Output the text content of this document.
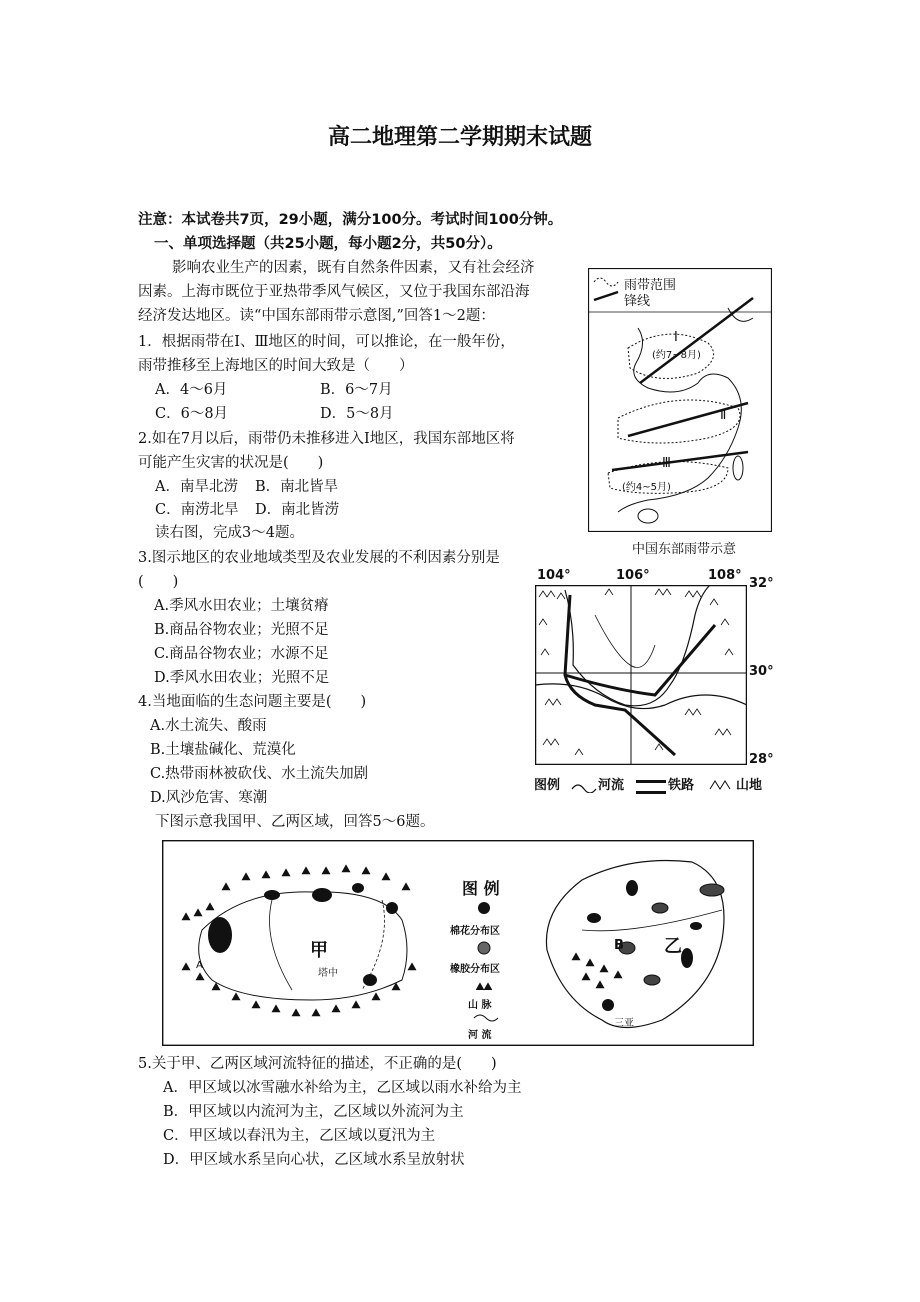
高二地理第二学期期末试题
注意：本试卷共7页，29小题，满分100分。考试时间100分钟。
一、单项选择题（共25小题，每小题2分，共50分）。
影响农业生产的因素，既有自然条件因素，又有社会经济
因素。上海市既位于亚热带季风气候区，又位于我国东部沿海
经济发达地区。读“中国东部雨带示意图,”回答1～2题：
1．根据雨带在Ⅰ、Ⅲ地区的时间，可以推论，在一般年份，
雨带推移至上海地区的时间大致是（　　）
A．4～6月	B．6～7月
C．6～8月	D．5～8月
2.如在7月以后，雨带仍未推移进入Ⅰ地区，我国东部地区将
可能产生灾害的状况是(　　)
A．南旱北涝 B．南北皆旱
C．南涝北旱 D．南北皆涝
读右图，完成3～4题。
3.图示地区的农业地域类型及农业发展的不利因素分别是
(　　)
A.季风水田农业；土壤贫瘠
B.商品谷物农业；光照不足
C.商品谷物农业；水源不足
D.季风水田农业；光照不足
4.当地面临的生态问题主要是(　　)
A.水土流失、酸雨
B.土壤盐碱化、荒漠化
C.热带雨林被砍伐、水土流失加剧
D.风沙危害、寒潮
下图示意我国甲、乙两区域，回答5～6题。
5.关于甲、乙两区域河流特征的描述，不正确的是(　　)
A．甲区域以冰雪融水补给为主，乙区域以雨水补给为主
B．甲区域以内流河为主，乙区域以外流河为主
C．甲区域以春汛为主，乙区域以夏汛为主
D．甲区域水系呈向心状，乙区域水系呈放射状
雨带范围
锋线
Ⅰ
(约7~8月)
Ⅱ
Ⅲ
(约4~5月)
中国东部雨带示意
104°	106°	108°
32°
30°
28°
图例	河流	铁路	山地
甲
塔中
A
图 例
棉花分布区
橡胶分布区
山 脉
河 流
B 乙
三亚
